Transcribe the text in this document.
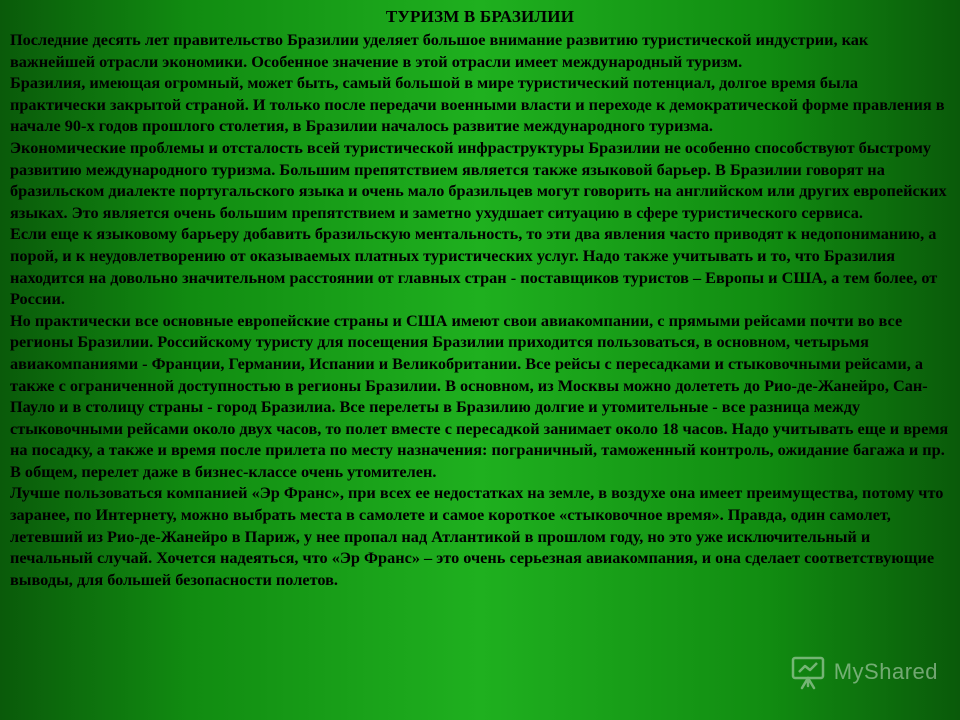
ТУРИЗМ В БРАЗИЛИИ

Последние десять лет правительство Бразилии уделяет большое внимание развитию туристической индустрии, как важнейшей отрасли экономики. Особенное значение в этой отрасли имеет международный туризм.

Бразилия, имеющая огромный, может быть, самый большой в мире туристический потенциал, долгое время была практически закрытой страной. И только после передачи военными власти и переходе к демократической форме правления в начале 90-х годов прошлого столетия, в Бразилии началось развитие международного туризма.

Экономические проблемы и отсталость всей туристической инфраструктуры Бразилии не особенно способствуют быстрому развитию международного туризма. Большим препятствием является также языковой барьер. В Бразилии говорят на бразильском диалекте португальского языка и очень мало бразильцев могут говорить на английском или других европейских языках. Это является очень большим препятствием и заметно ухудшает ситуацию в сфере туристического сервиса.

Если еще к языковому барьеру добавить бразильскую ментальность, то эти два явления часто приводят к недопониманию, а порой, и к неудовлетворению от оказываемых платных туристических услуг. Надо также учитывать и то, что Бразилия находится на довольно значительном расстоянии от главных стран - поставщиков туристов – Европы и США, а тем более, от России.

Но практически все основные европейские страны и США имеют свои авиакомпании, с прямыми рейсами почти во все регионы Бразилии. Российскому туристу для посещения Бразилии приходится пользоваться, в основном, четырьмя авиакомпаниями - Франции, Германии, Испании и Великобритании. Все рейсы с пересадками и стыковочными рейсами, а также с ограниченной доступностью в регионы Бразилии. В основном, из Москвы можно долететь до Рио-де-Жанейро, Сан-Пауло и в столицу страны - город Бразилиа. Все перелеты в Бразилию долгие и утомительные - все разница между стыковочными рейсами около двух часов, то полет вместе с пересадкой занимает около 18 часов. Надо учитывать еще и время на посадку, а также и время после прилета по месту назначения: пограничный, таможенный контроль, ожидание багажа и пр. В общем, перелет даже в бизнес-классе очень утомителен.

Лучше пользоваться компанией «Эр Франс», при всех ее недостатках на земле, в воздухе она имеет преимущества, потому что заранее, по Интернету, можно выбрать места в самолете и самое короткое «стыковочное время». Правда, один самолет, летевший из Рио-де-Жанейро в Париж, у нее пропал над Атлантикой в прошлом году, но это уже исключительный и печальный случай. Хочется надеяться, что «Эр Франс» – это очень серьезная авиакомпания, и она сделает соответствующие выводы, для большей безопасности полетов.

MyShared
